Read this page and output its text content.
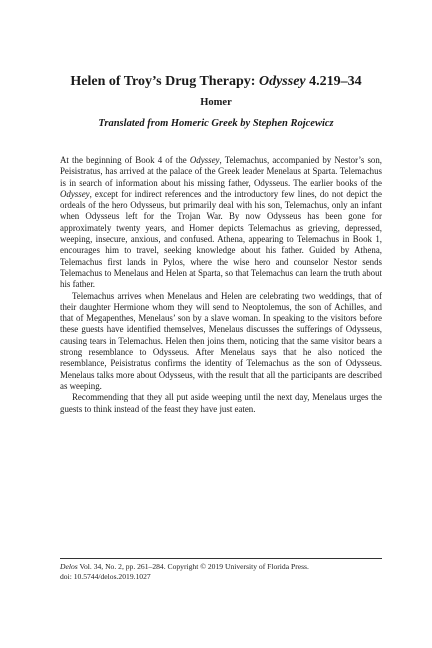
Helen of Troy’s Drug Therapy: Odyssey 4.219–34
Homer
Translated from Homeric Greek by Stephen Rojcewicz

At the beginning of Book 4 of the Odyssey, Telemachus, accompanied by Nestor’s son, Peisistratus, has arrived at the palace of the Greek leader Menelaus at Sparta. Telemachus is in search of information about his missing father, Odysseus. The earlier books of the Odyssey, except for indirect references and the introductory few lines, do not depict the ordeals of the hero Odysseus, but primarily deal with his son, Telemachus, only an infant when Odysseus left for the Trojan War. By now Odysseus has been gone for approximately twenty years, and Homer depicts Telemachus as grieving, depressed, weeping, insecure, anxious, and confused. Athena, appearing to Telemachus in Book 1, encourages him to travel, seeking knowledge about his father. Guided by Athena, Telemachus first lands in Pylos, where the wise hero and counselor Nestor sends Telemachus to Menelaus and Helen at Sparta, so that Telemachus can learn the truth about his father.

Telemachus arrives when Menelaus and Helen are celebrating two weddings, that of their daughter Hermione whom they will send to Neoptolemus, the son of Achilles, and that of Megapenthes, Menelaus’ son by a slave woman. In speaking to the visitors before these guests have identified themselves, Menelaus discusses the sufferings of Odysseus, causing tears in Telemachus. Helen then joins them, noticing that the same visitor bears a strong resemblance to Odysseus. After Menelaus says that he also noticed the resemblance, Peisistratus confirms the identity of Telemachus as the son of Odysseus. Menelaus talks more about Odysseus, with the result that all the participants are described as weeping.

Recommending that they all put aside weeping until the next day, Menelaus urges the guests to think instead of the feast they have just eaten.

Delos Vol. 34, No. 2, pp. 261–284. Copyright © 2019 University of Florida Press.
doi: 10.5744/delos.2019.1027
